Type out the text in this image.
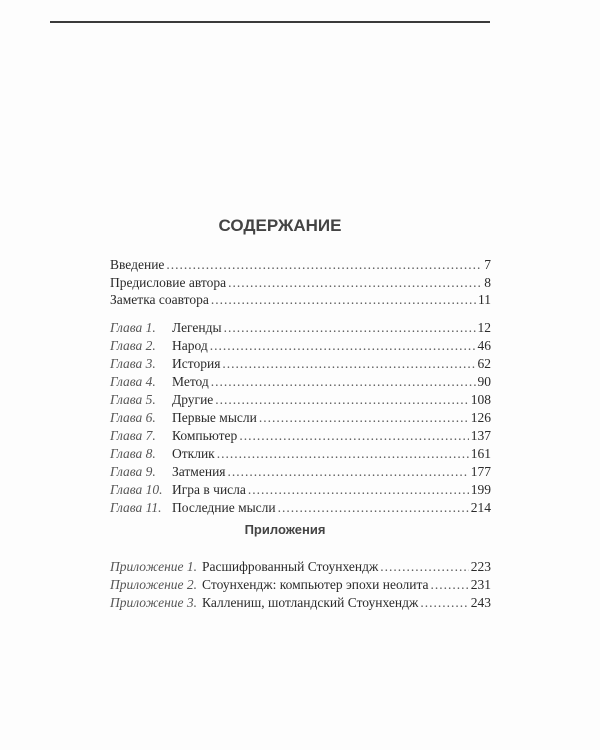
СОДЕРЖАНИЕ
Введение .....	7
Предисловие автора .....	8
Заметка соавтора .....	11
Глава 1.	Легенды .....	12
Глава 2.	Народ .....	46
Глава 3.	История .....	62
Глава 4.	Метод .....	90
Глава 5.	Другие .....	108
Глава 6.	Первые мысли .....	126
Глава 7.	Компьютер .....	137
Глава 8.	Отклик .....	161
Глава 9.	Затмения .....	177
Глава 10. Игра в числа .....	199
Глава 11. Последние мысли .....	214
Приложение 1. Расшифрованный Стоунхендж .....	223
Приложение 2. Стоунхендж: компьютер эпохи неолита .....	231
Приложение 3. Каллениш, шотландский Стоунхендж .....	243
Приложения
